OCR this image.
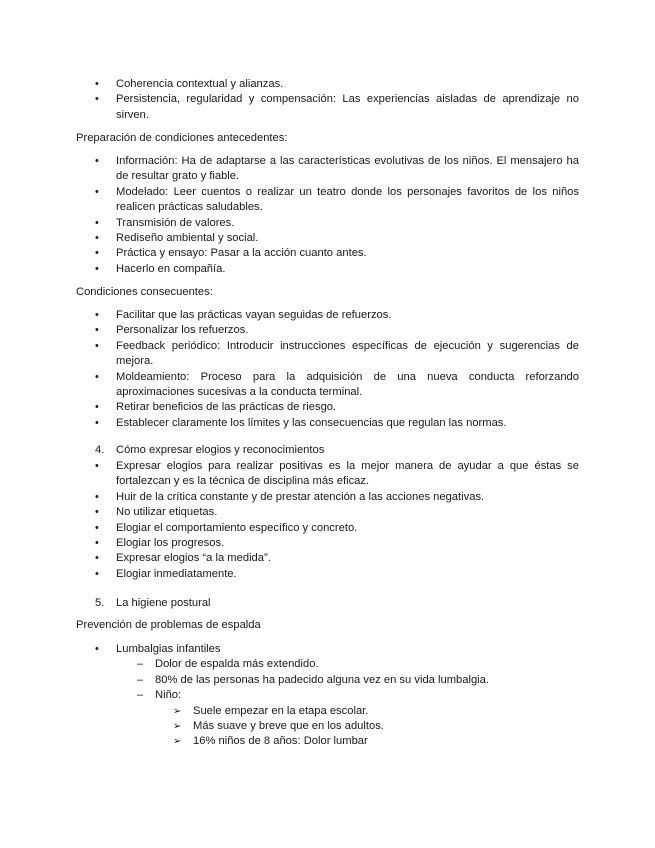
•	Coherencia contextual y alianzas.
•	Persistencia, regularidad y compensación: Las experiencias aisladas de aprendizaje no sirven.
Preparación de condiciones antecedentes:
•	Información: Ha de adaptarse a las características evolutivas de los niños. El mensajero ha de resultar grato y fiable.
•	Modelado: Leer cuentos o realizar un teatro donde los personajes favoritos de los niños realicen prácticas saludables.
•	Transmisión de valores.
•	Rediseño ambiental y social.
•	Práctica y ensayo: Pasar a la acción cuanto antes.
•	Hacerlo en compañía.
Condiciones consecuentes:
•	Facilitar que las prácticas vayan seguidas de refuerzos.
•	Personalizar los refuerzos.
•	Feedback periódico: Introducir instrucciones específicas de ejecución y sugerencias de mejora.
•	Moldeamiento: Proceso para la adquisición de una nueva conducta reforzando aproximaciones sucesivas a la conducta terminal.
•	Retirar beneficios de las prácticas de riesgo.
•	Establecer claramente los límites y las consecuencias que regulan las normas.
4. Cómo expresar elogios y reconocimientos
•	Expresar elogios para realizar positivas es la mejor manera de ayudar a que éstas se fortalezcan y es la técnica de disciplina más eficaz.
•	Huir de la crítica constante y de prestar atención a las acciones negativas.
•	No utilizar etiquetas.
•	Elogiar el comportamiento específico y concreto.
•	Elogiar los progresos.
•	Expresar elogios “a la medida”.
•	Elogiar inmediatamente.
5. La higiene postural
Prevención de problemas de espalda
•	Lumbalgias infantiles
–	Dolor de espalda más extendido.
–	80% de las personas ha padecido alguna vez en su vida lumbalgia.
–	Niño:
➢ Suele empezar en la etapa escolar.
➢ Más suave y breve que en los adultos.
➢ 16% niños de 8 años: Dolor lumbar
